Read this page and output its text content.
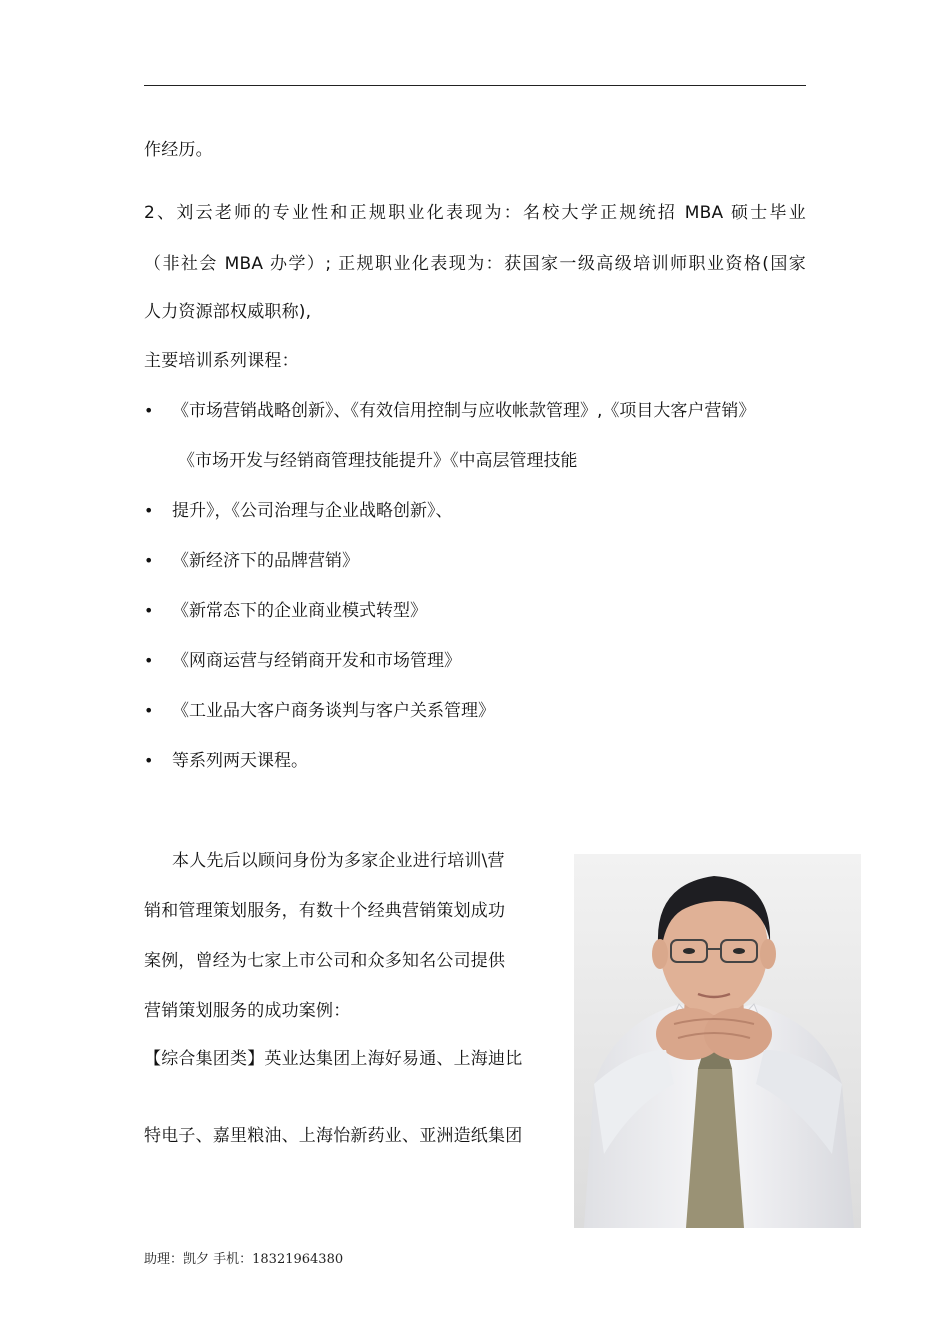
作经历。
2、刘云老师的专业性和正规职业化表现为：名校大学正规统招 MBA 硕士毕业
（非社会 MBA 办学）; 正规职业化表现为：获国家一级高级培训师职业资格(国家
人力资源部权威职称),
主要培训系列课程：
• 《市场营销战略创新》、《有效信用控制与应收帐款管理》,《项目大客户营销》
《市场开发与经销商管理技能提升》《中高层管理技能
• 提升》，《公司治理与企业战略创新》、
• 《新经济下的品牌营销》
• 《新常态下的企业商业模式转型》
• 《网商运营与经销商开发和市场管理》
• 《工业品大客户商务谈判与客户关系管理》
• 等系列两天课程。
本人先后以顾问身份为多家企业进行培训\营
销和管理策划服务，有数十个经典营销策划成功
案例，曾经为七家上市公司和众多知名公司提供
营销策划服务的成功案例：
【综合集团类】英业达集团上海好易通、上海迪比
特电子、嘉里粮油、上海怡新药业、亚洲造纸集团
助理：凯夕 手机：18321964380
